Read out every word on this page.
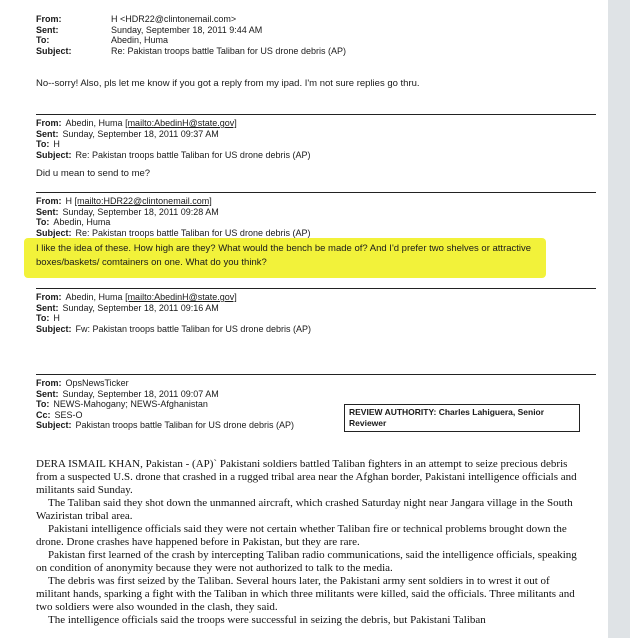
From:	H <HDR22@clintonemail.com>
Sent:	Sunday, September 18, 2011 9:44 AM
To:	Abedin, Huma
Subject:	Re: Pakistan troops battle Taliban for US drone debris (AP)
No--sorry! Also, pls let me know if you got a reply from my ipad. I'm not sure replies go thru.
From: Abedin, Huma
[mailto:AbedinH@state.gov]
Sent: Sunday, September 18, 2011 09:37 AM
To: H
Subject: Re: Pakistan troops battle Taliban for US drone debris (AP)
Did u mean to send to me?
From: H
[mailto:HDR22@clintonemail.com]
Sent: Sunday, September 18, 2011 09:28 AM
To: Abedin, Huma
Subject: Re: Pakistan troops battle Taliban for US drone debris (AP)
I like the idea of these. How high are they? What would the bench be made of? And I'd prefer two shelves or attractive boxes/baskets/ comtainers on one. What do you think?
From: Abedin, Huma
[mailto:AbedinH@state.gov]
Sent: Sunday, September 18, 2011 09:16 AM
To: H
Subject: Fw: Pakistan troops battle Taliban for US drone debris (AP)
From: OpsNewsTicker
Sent: Sunday, September 18, 2011 09:07 AM
To: NEWS-Mahogany; NEWS-Afghanistan
Cc: SES-O
Subject: Pakistan troops battle Taliban for US drone debris (AP)
REVIEW AUTHORITY: Charles Lahiguera, Senior
Reviewer

DERA ISMAIL KHAN, Pakistan - (AP)` Pakistani soldiers battled Taliban fighters in an attempt to seize precious debris from a suspected U.S. drone that crashed in a rugged tribal area near the Afghan border, Pakistani intelligence officials and militants said Sunday.

The Taliban said they shot down the unmanned aircraft, which crashed Saturday night near Jangara village in the South Waziristan tribal area.

Pakistani intelligence officials said they were not certain whether Taliban fire or technical problems brought down the drone. Drone crashes have happened before in Pakistan, but they are rare.

Pakistan first learned of the crash by intercepting Taliban radio communications, said the intelligence officials, speaking on condition of anonymity because they were not authorized to talk to the media.

The debris was first seized by the Taliban. Several hours later, the Pakistani army sent soldiers in to wrest it out of militant hands, sparking a fight with the Taliban in which three militants were killed, said the officials. Three militants and two soldiers were also wounded in the clash, they said.

The intelligence officials said the troops were successful in seizing the debris, but Pakistani Taliban
